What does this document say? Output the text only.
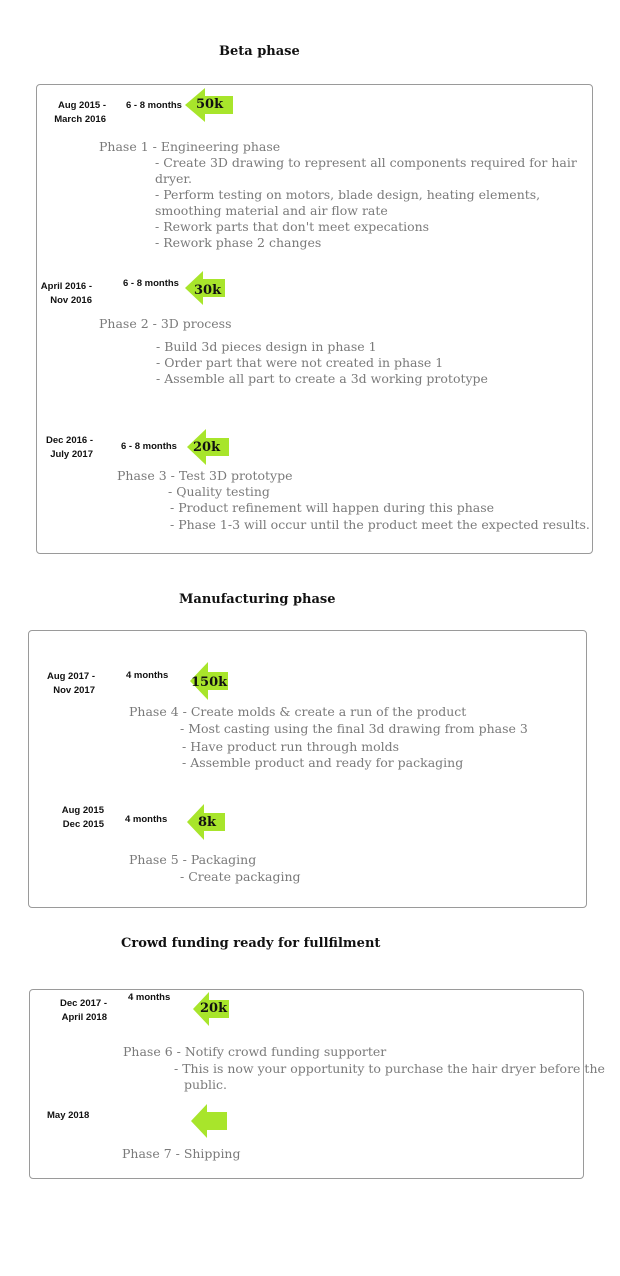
Beta phase
Aug 2015 -
March 2016
6 - 8 months 50k
Phase 1 - Engineering phase
- Create 3D drawing to represent all components required for hair
dryer.
- Perform testing on motors, blade design, heating elements,
smoothing material and air flow rate
- Rework parts that don't meet expecations
- Rework phase 2 changes
April 2016 -
Nov 2016
6 - 8 months 30k
Phase 2 - 3D process
- Build 3d pieces design in phase 1
- Order part that were not created in phase 1
- Assemble all part to create a 3d working prototype
Dec 2016 -
July 2017
6 - 8 months 20k
Phase 3 - Test 3D prototype
- Quality testing
- Product refinement will happen during this phase
- Phase 1-3 will occur until the product meet the expected results.
Manufacturing phase
Aug 2017 -
Nov 2017
4 months 150k
Phase 4 - Create molds & create a run of the product
- Most casting using the final 3d drawing from phase 3
- Have product run through molds
- Assemble product and ready for packaging
Aug 2015
Dec 2015 4 months 8k
Phase 5 - Packaging
- Create packaging
Crowd funding ready for fullfilment
Dec 2017 -
April 2018
4 months
20k
Phase 6 - Notify crowd funding supporter
- This is now your opportunity to purchase the hair dryer before the
public.
May 2018
Phase 7 - Shipping
